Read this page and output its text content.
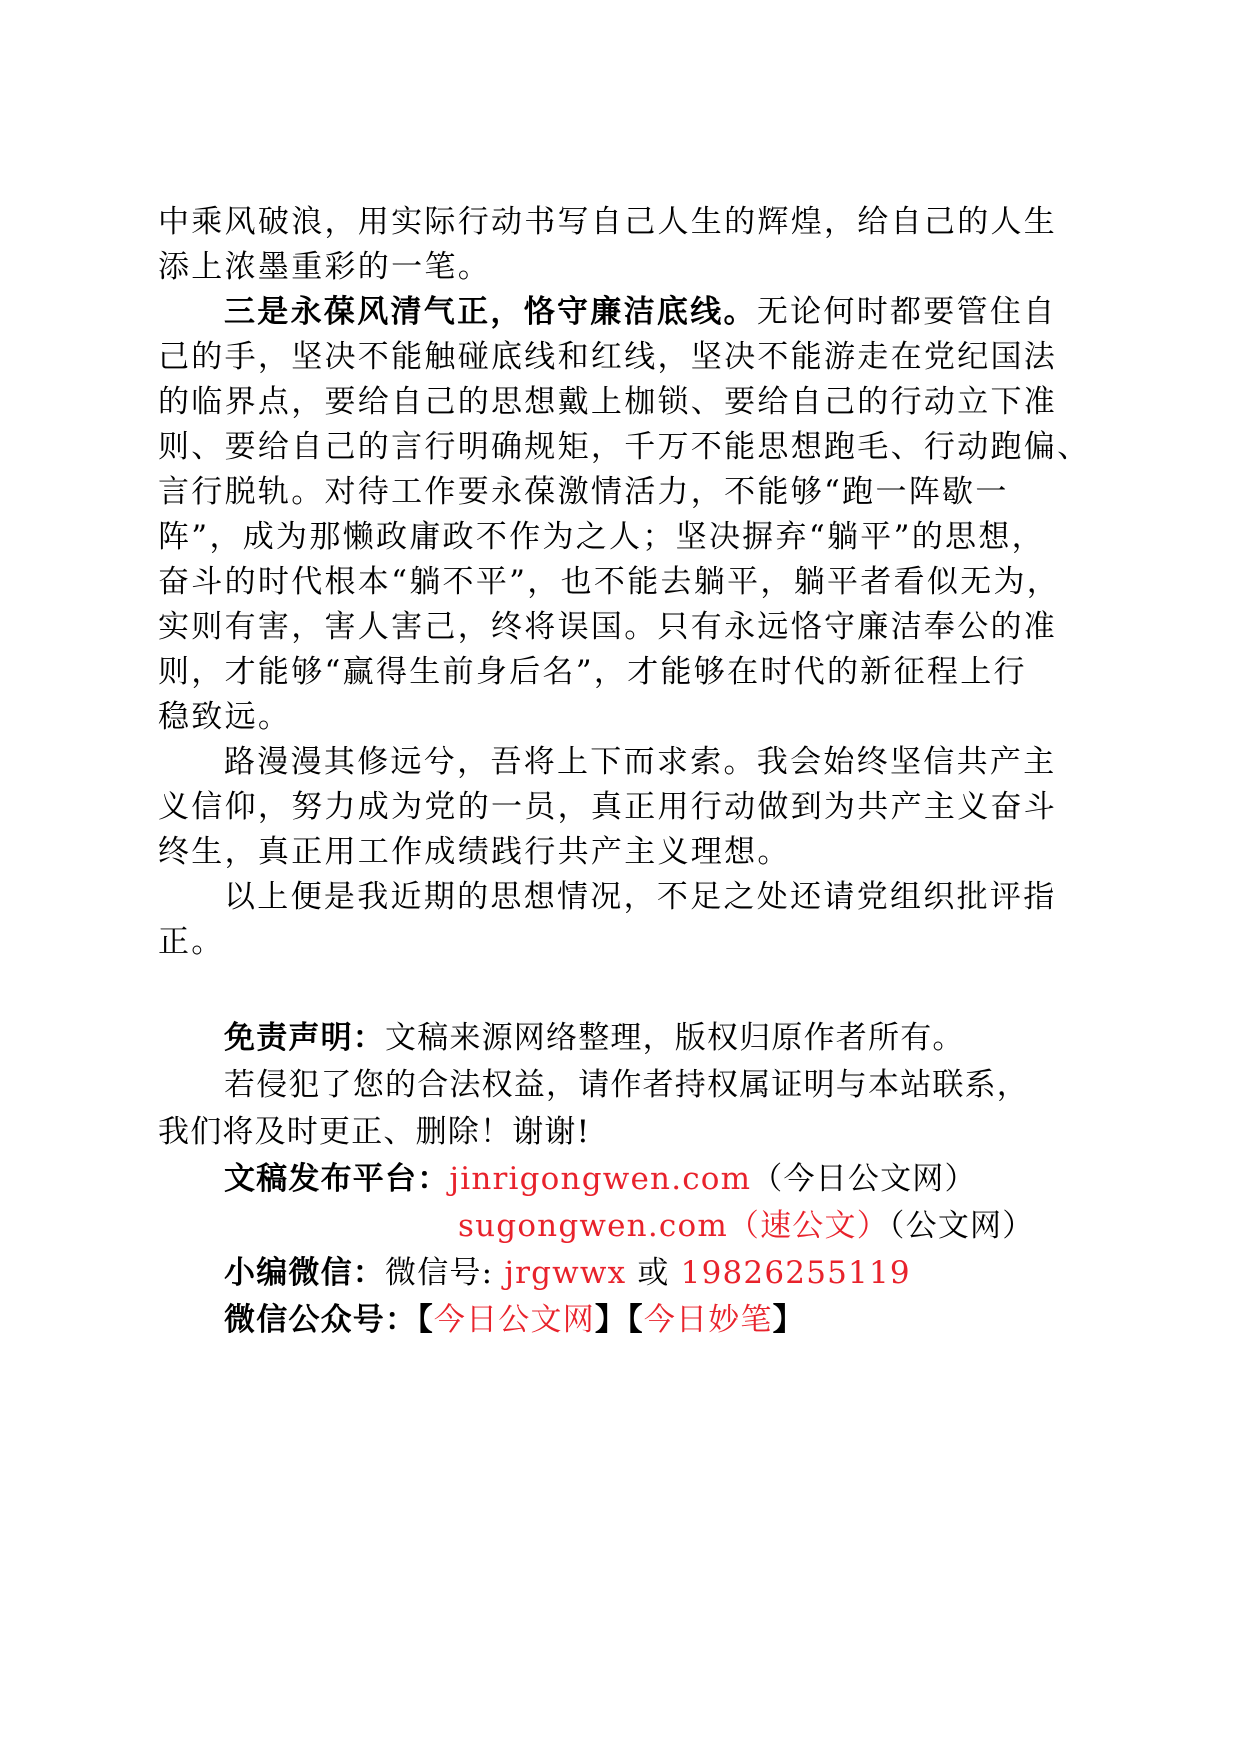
中乘风破浪，用实际行动书写自己人生的辉煌，给自己的人生
添上浓墨重彩的一笔。
三是永葆风清气正，恪守廉洁底线。无论何时都要管住自
己的手，坚决不能触碰底线和红线，坚决不能游走在党纪国法
的临界点，要给自己的思想戴上枷锁、要给自己的行动立下准
则、要给自己的言行明确规矩，千万不能思想跑毛、行动跑偏、
言行脱轨。对待工作要永葆激情活力，不能够“跑一阵歇一
阵”，成为那懒政庸政不作为之人；坚决摒弃“躺平”的思想，
奋斗的时代根本“躺不平”，也不能去躺平，躺平者看似无为，
实则有害，害人害己，终将误国。只有永远恪守廉洁奉公的准
则，才能够“赢得生前身后名”，才能够在时代的新征程上行
稳致远。
路漫漫其修远兮，吾将上下而求索。我会始终坚信共产主
义信仰，努力成为党的一员，真正用行动做到为共产主义奋斗
终生，真正用工作成绩践行共产主义理想。
以上便是我近期的思想情况，不足之处还请党组织批评指
正。
免责声明：文稿来源网络整理，版权归原作者所有。
若侵犯了您的合法权益，请作者持权属证明与本站联系，
我们将及时更正、删除！谢谢!
文稿发布平台：jinrigongwen.com（今日公文网）
sugongwen.com（速公文）（公文网）
小编微信：微信号: jrgwwx 或 19826255119
微信公众号：【今日公文网】【今日妙笔】
